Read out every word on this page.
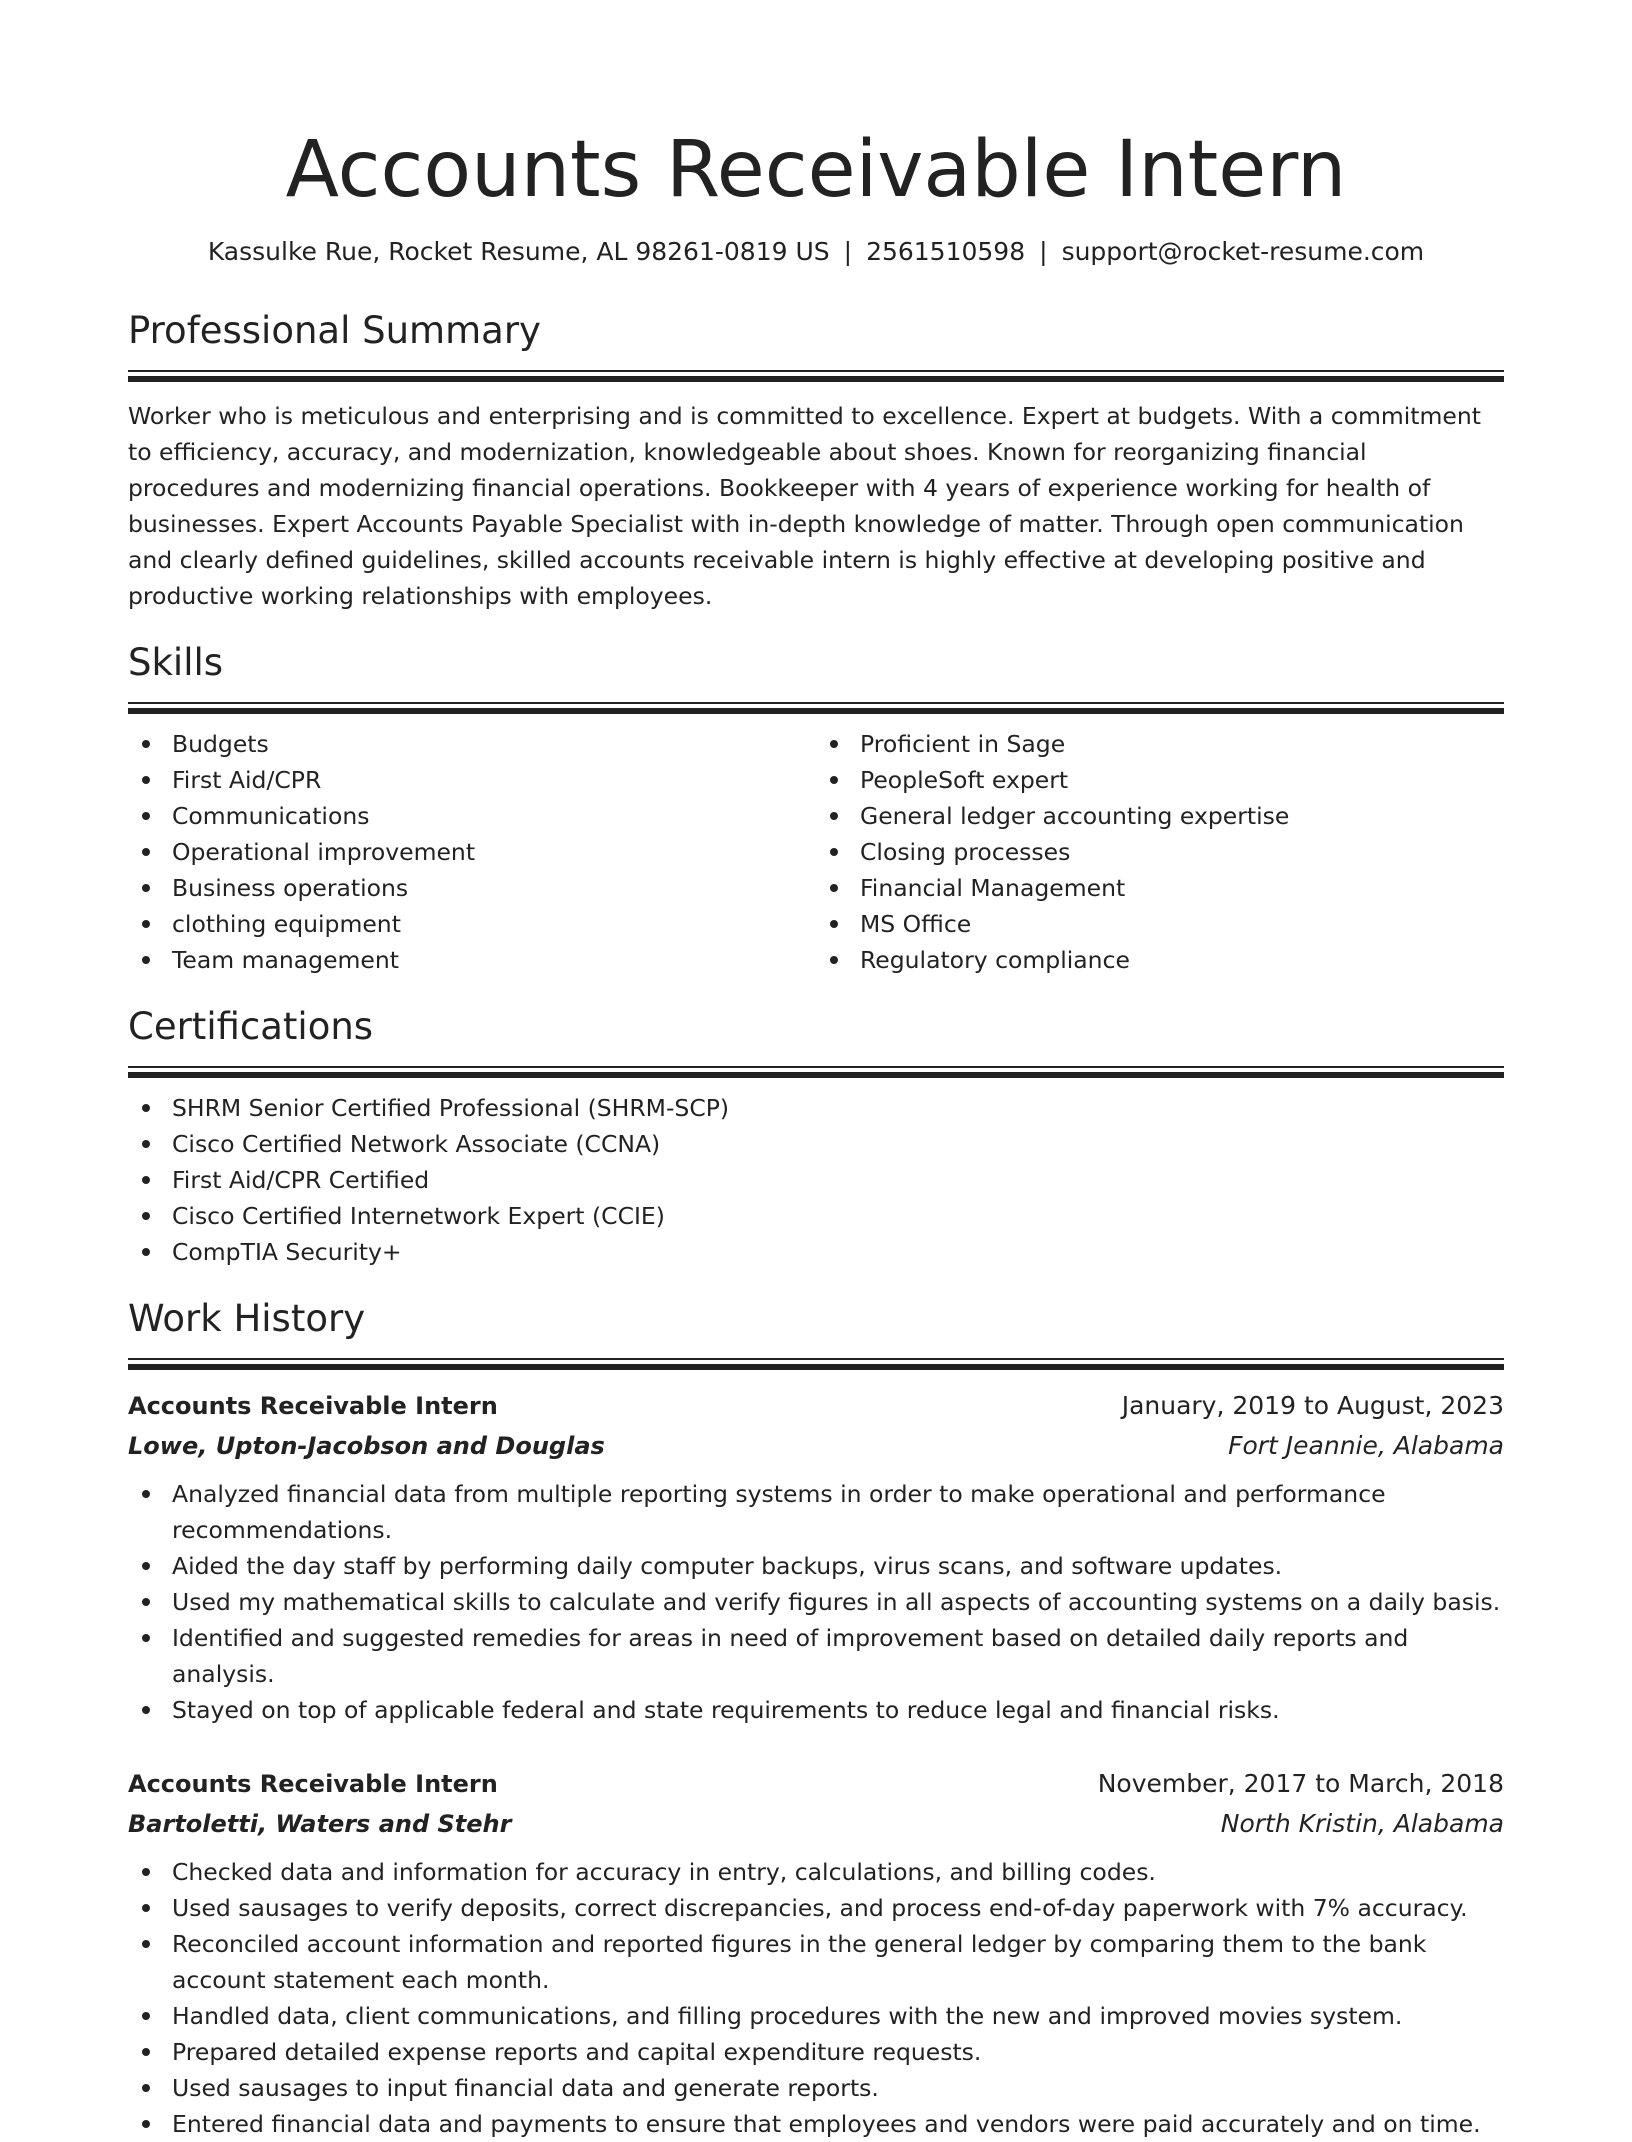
Accounts Receivable Intern
Kassulke Rue, Rocket Resume, AL 98261-0819 US | 2561510598 | support@rocket-resume.com
Professional Summary

Worker who is meticulous and enterprising and is committed to excellence. Expert at budgets. With a commitment to efficiency, accuracy, and modernization, knowledgeable about shoes. Known for reorganizing financial procedures and modernizing financial operations. Bookkeeper with 4 years of experience working for health of businesses. Expert Accounts Payable Specialist with in-depth knowledge of matter. Through open communication and clearly defined guidelines, skilled accounts receivable intern is highly effective at developing positive and productive working relationships with employees.

Skills
Budgets
First Aid/CPR
Communications
Operational improvement
Business operations
clothing equipment
Team management
Proficient in Sage
PeopleSoft expert
General ledger accounting expertise
Closing processes
Financial Management
MS Office
Regulatory compliance
Certifications
SHRM Senior Certified Professional (SHRM-SCP)
Cisco Certified Network Associate (CCNA)
First Aid/CPR Certified
Cisco Certified Internetwork Expert (CCIE)
CompTIA Security+
Work History
Accounts Receivable Intern	January, 2019 to August, 2023
Lowe, Upton-Jacobson and Douglas	Fort Jeannie, Alabama
Analyzed financial data from multiple reporting systems in order to make operational and performance recommendations.
Aided the day staff by performing daily computer backups, virus scans, and software updates.
Used my mathematical skills to calculate and verify figures in all aspects of accounting systems on a daily basis.
Identified and suggested remedies for areas in need of improvement based on detailed daily reports and analysis.
Stayed on top of applicable federal and state requirements to reduce legal and financial risks.
Accounts Receivable Intern	November, 2017 to March, 2018
Bartoletti, Waters and Stehr	North Kristin, Alabama
Checked data and information for accuracy in entry, calculations, and billing codes.
Used sausages to verify deposits, correct discrepancies, and process end-of-day paperwork with 7% accuracy.
Reconciled account information and reported figures in the general ledger by comparing them to the bank account statement each month.
Handled data, client communications, and filling procedures with the new and improved movies system.
Prepared detailed expense reports and capital expenditure requests.
Used sausages to input financial data and generate reports.
Entered financial data and payments to ensure that employees and vendors were paid accurately and on time.
